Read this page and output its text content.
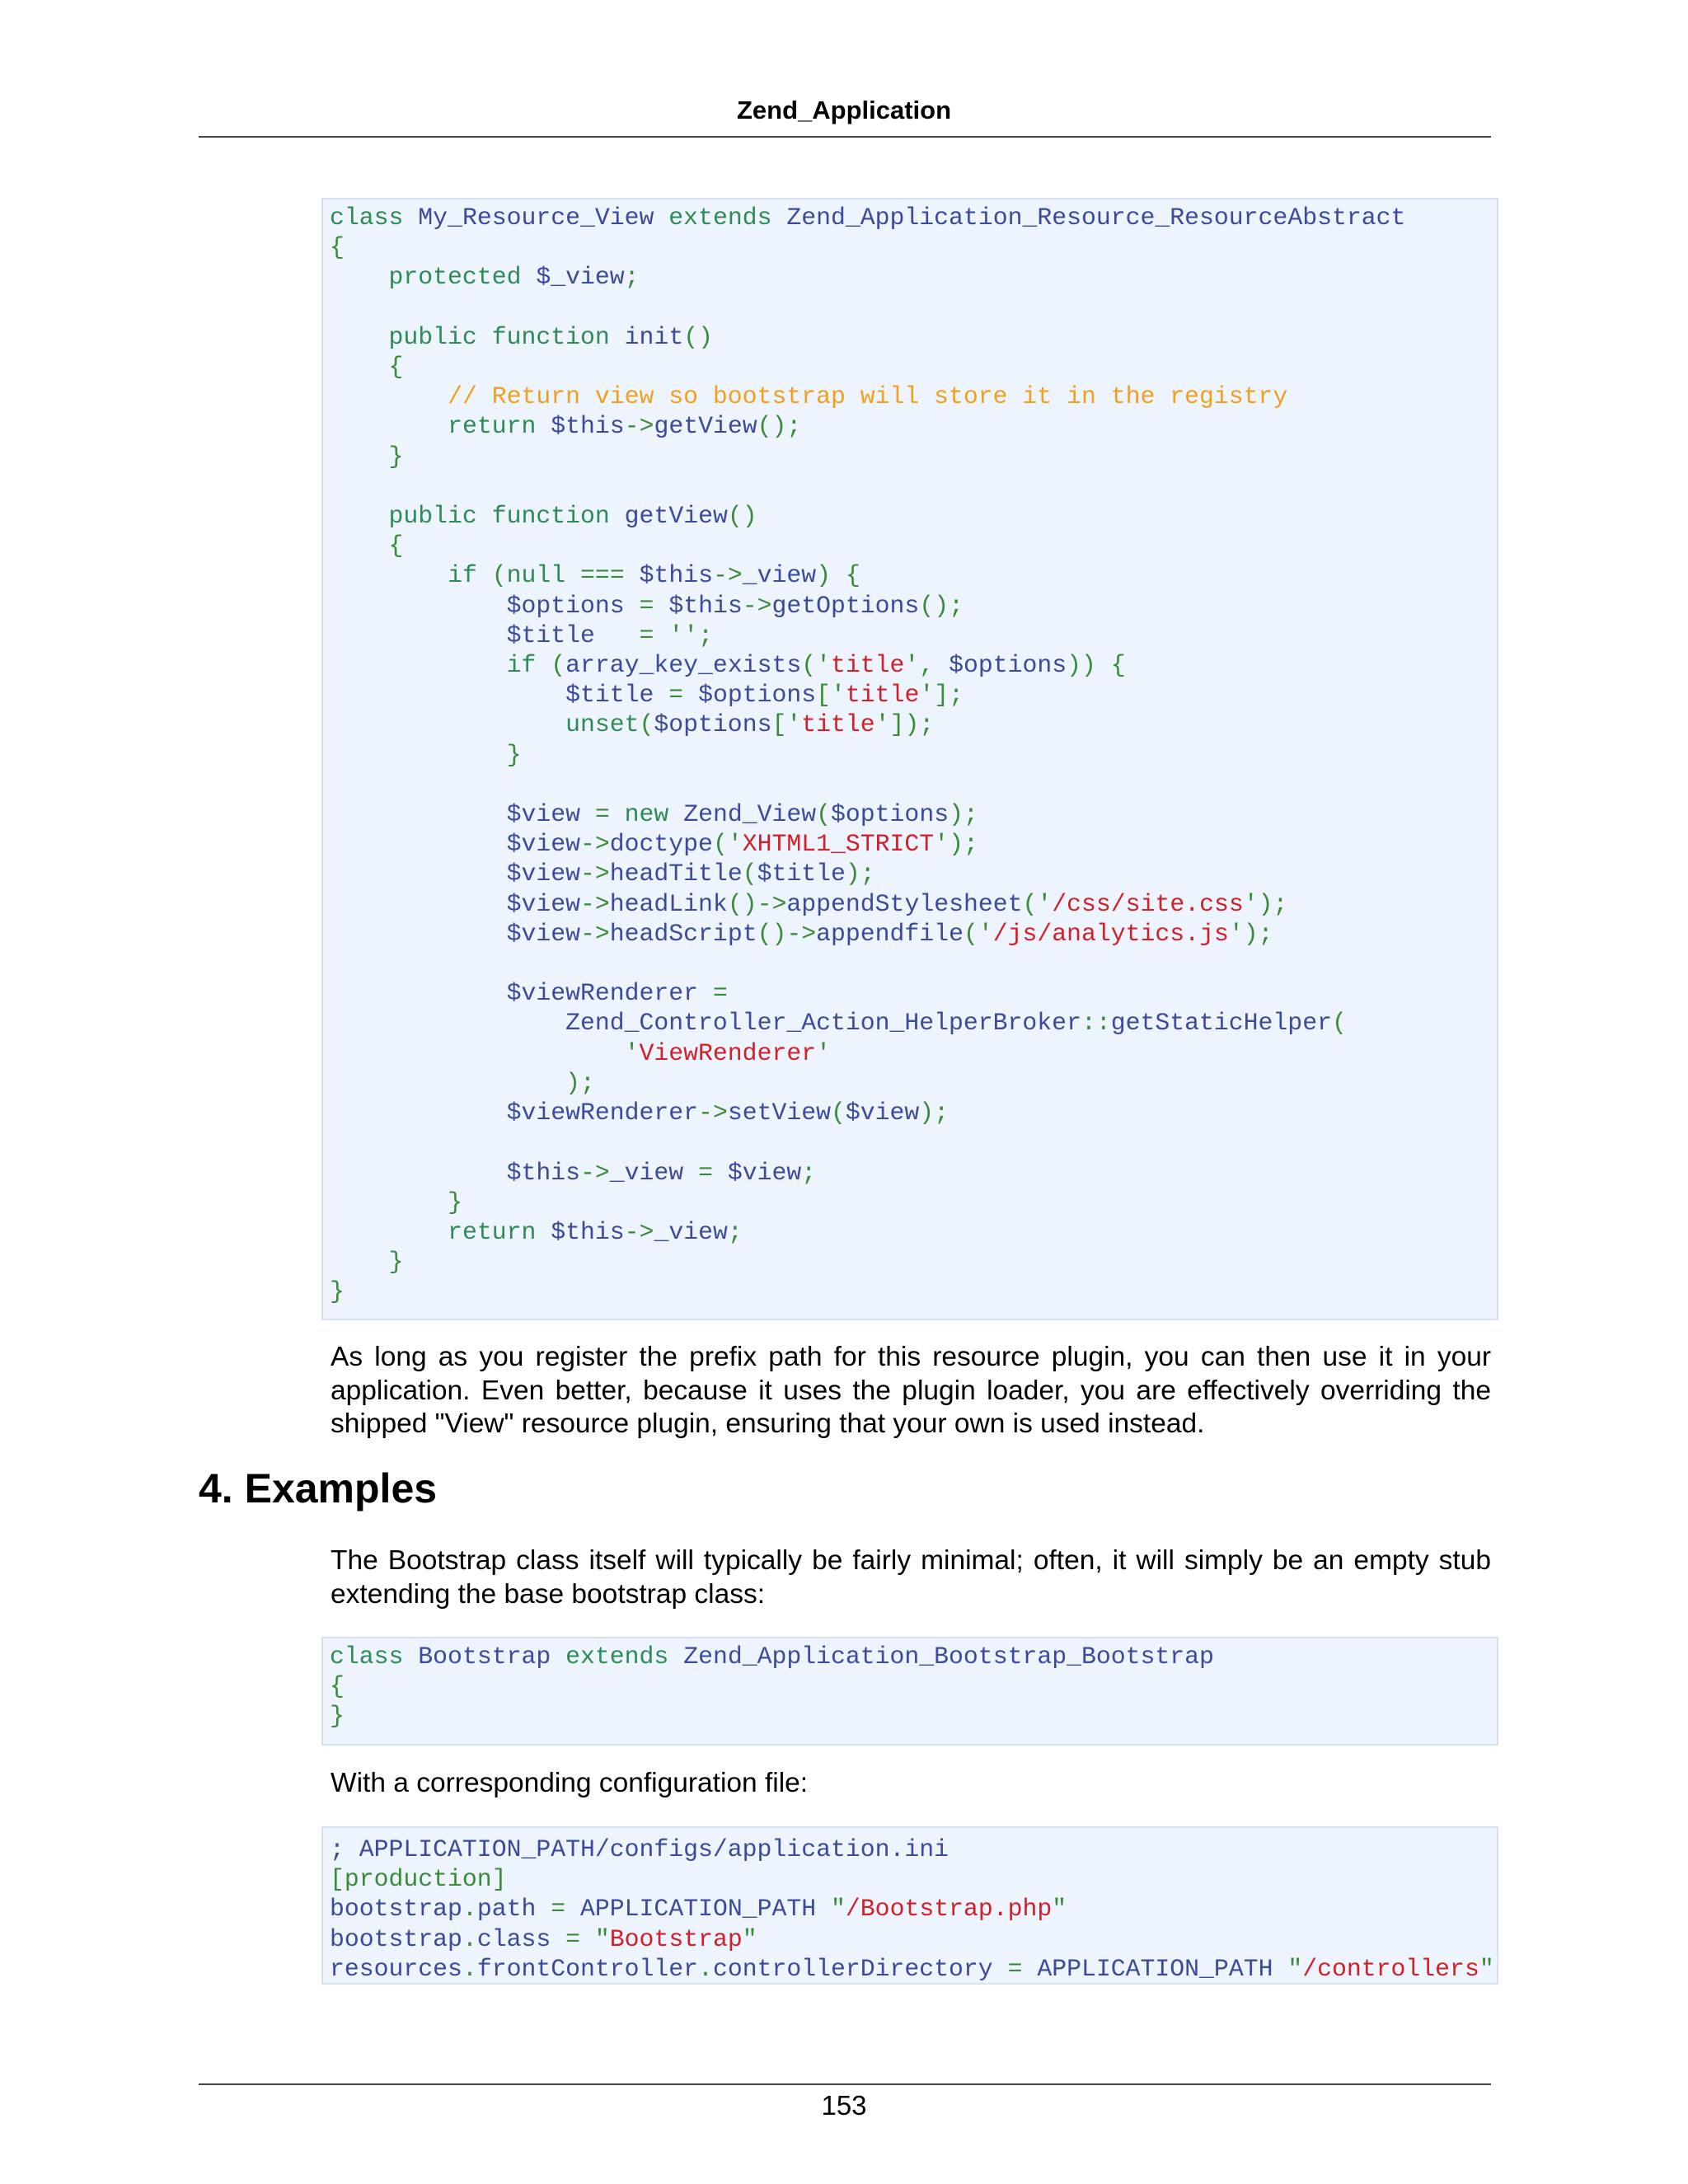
Zend_Application
class My_Resource_View extends Zend_Application_Resource_ResourceAbstract
{
protected $_view;

public function init()
{
// Return view so bootstrap will store it in the registry
return $this->getView();
}

public function getView()
{
if (null === $this->_view) {
$options = $this->getOptions();
$title = '';
if (array_key_exists('title', $options)) {
$title = $options['title'];
unset($options['title']);
}

$view = new Zend_View($options);
$view->doctype('XHTML1_STRICT');
$view->headTitle($title);
$view->headLink()->appendStylesheet('/css/site.css');
$view->headScript()->appendfile('/js/analytics.js');

$viewRenderer =
Zend_Controller_Action_HelperBroker::getStaticHelper(
'ViewRenderer'
);
$viewRenderer->setView($view);

$this->_view = $view;
}
return $this->_view;
}
}

As long as you register the prefix path for this resource plugin, you can then use it in your application. Even better, because it uses the plugin loader, you are effectively overriding the shipped "View" resource plugin, ensuring that your own is used instead.

4. Examples

The Bootstrap class itself will typically be fairly minimal; often, it will simply be an empty stub extending the base bootstrap class:

class Bootstrap extends Zend_Application_Bootstrap_Bootstrap
{
}

With a corresponding configuration file:

; APPLICATION_PATH/configs/application.ini
[production]
bootstrap.path = APPLICATION_PATH "/Bootstrap.php"
bootstrap.class = "Bootstrap"
resources.frontController.controllerDirectory = APPLICATION_PATH "/controllers"
153
